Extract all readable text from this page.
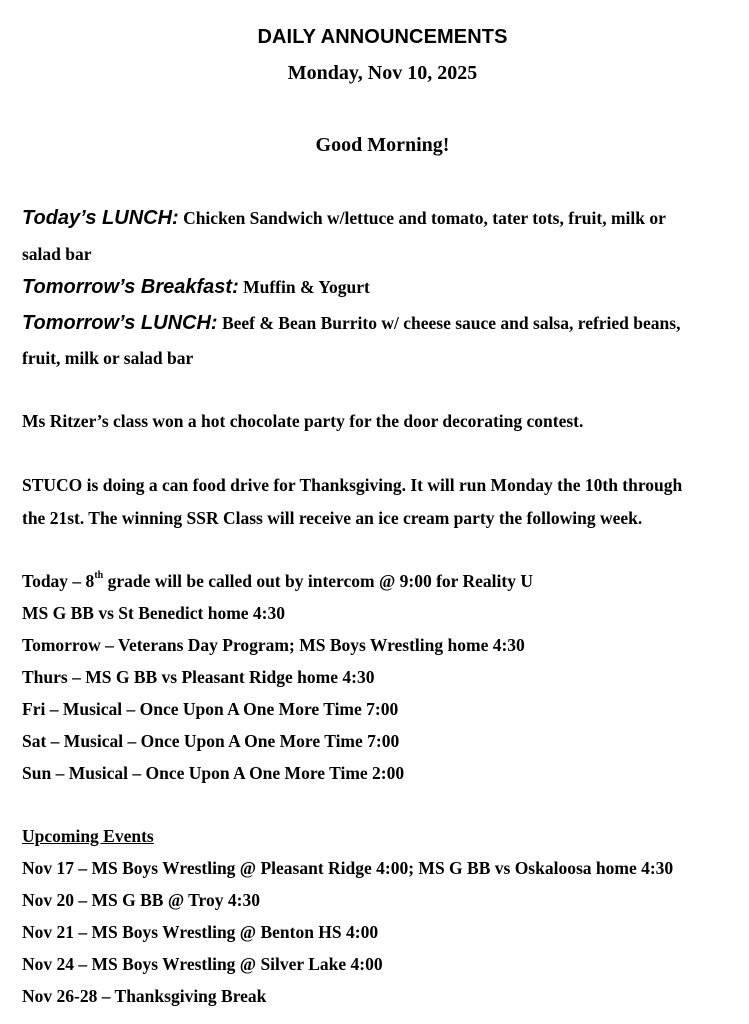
DAILY ANNOUNCEMENTS
Monday, Nov 10, 2025
Good Morning!
Today’s LUNCH: Chicken Sandwich w/lettuce and tomato, tater tots, fruit, milk or
salad bar
Tomorrow’s Breakfast: Muffin & Yogurt
Tomorrow’s LUNCH: Beef & Bean Burrito w/ cheese sauce and salsa, refried beans,
fruit, milk or salad bar
Ms Ritzer’s class won a hot chocolate party for the door decorating contest.
STUCO is doing a can food drive for Thanksgiving. It will run Monday the 10th through
the 21st. The winning SSR Class will receive an ice cream party the following week.
Today – 8th grade will be called out by intercom @ 9:00 for Reality U
MS G BB vs St Benedict home 4:30
Tomorrow – Veterans Day Program; MS Boys Wrestling home 4:30
Thurs – MS G BB vs Pleasant Ridge home 4:30
Fri – Musical – Once Upon A One More Time 7:00
Sat – Musical – Once Upon A One More Time 7:00
Sun – Musical – Once Upon A One More Time 2:00
Upcoming Events
Nov 17 – MS Boys Wrestling @ Pleasant Ridge 4:00; MS G BB vs Oskaloosa home 4:30
Nov 20 – MS G BB @ Troy 4:30
Nov 21 – MS Boys Wrestling @ Benton HS 4:00
Nov 24 – MS Boys Wrestling @ Silver Lake 4:00
Nov 26-28 – Thanksgiving Break
